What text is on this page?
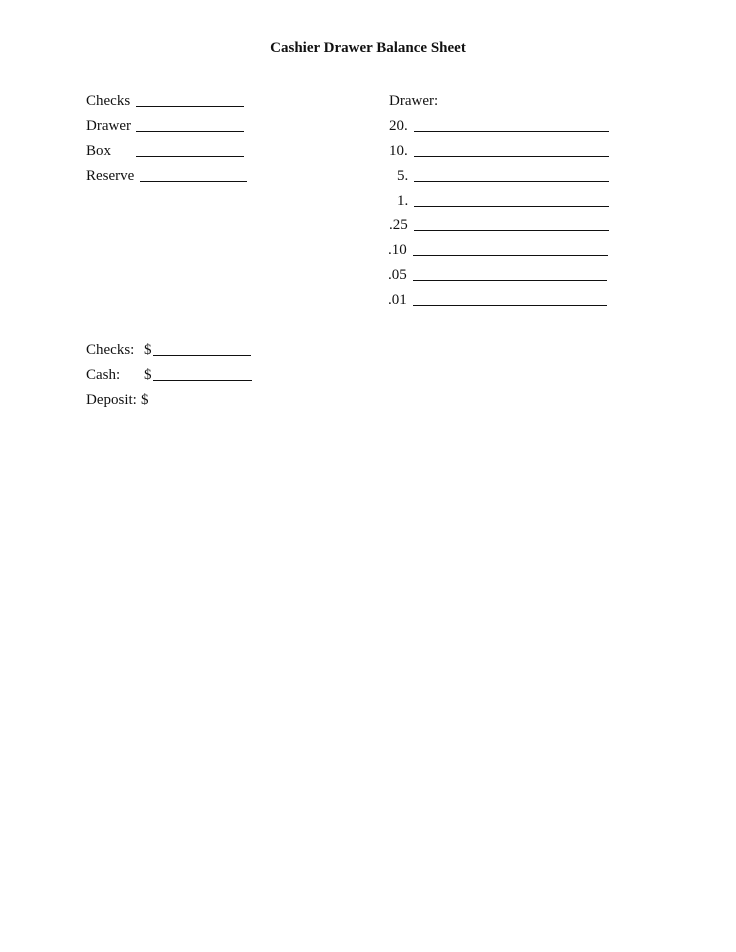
Cashier Drawer Balance Sheet
Checks
Drawer
Box
Reserve
Drawer:
20.
10.
5.
1.
.25
.10
.05
.01
Checks: $
Cash: $
Deposit: $
